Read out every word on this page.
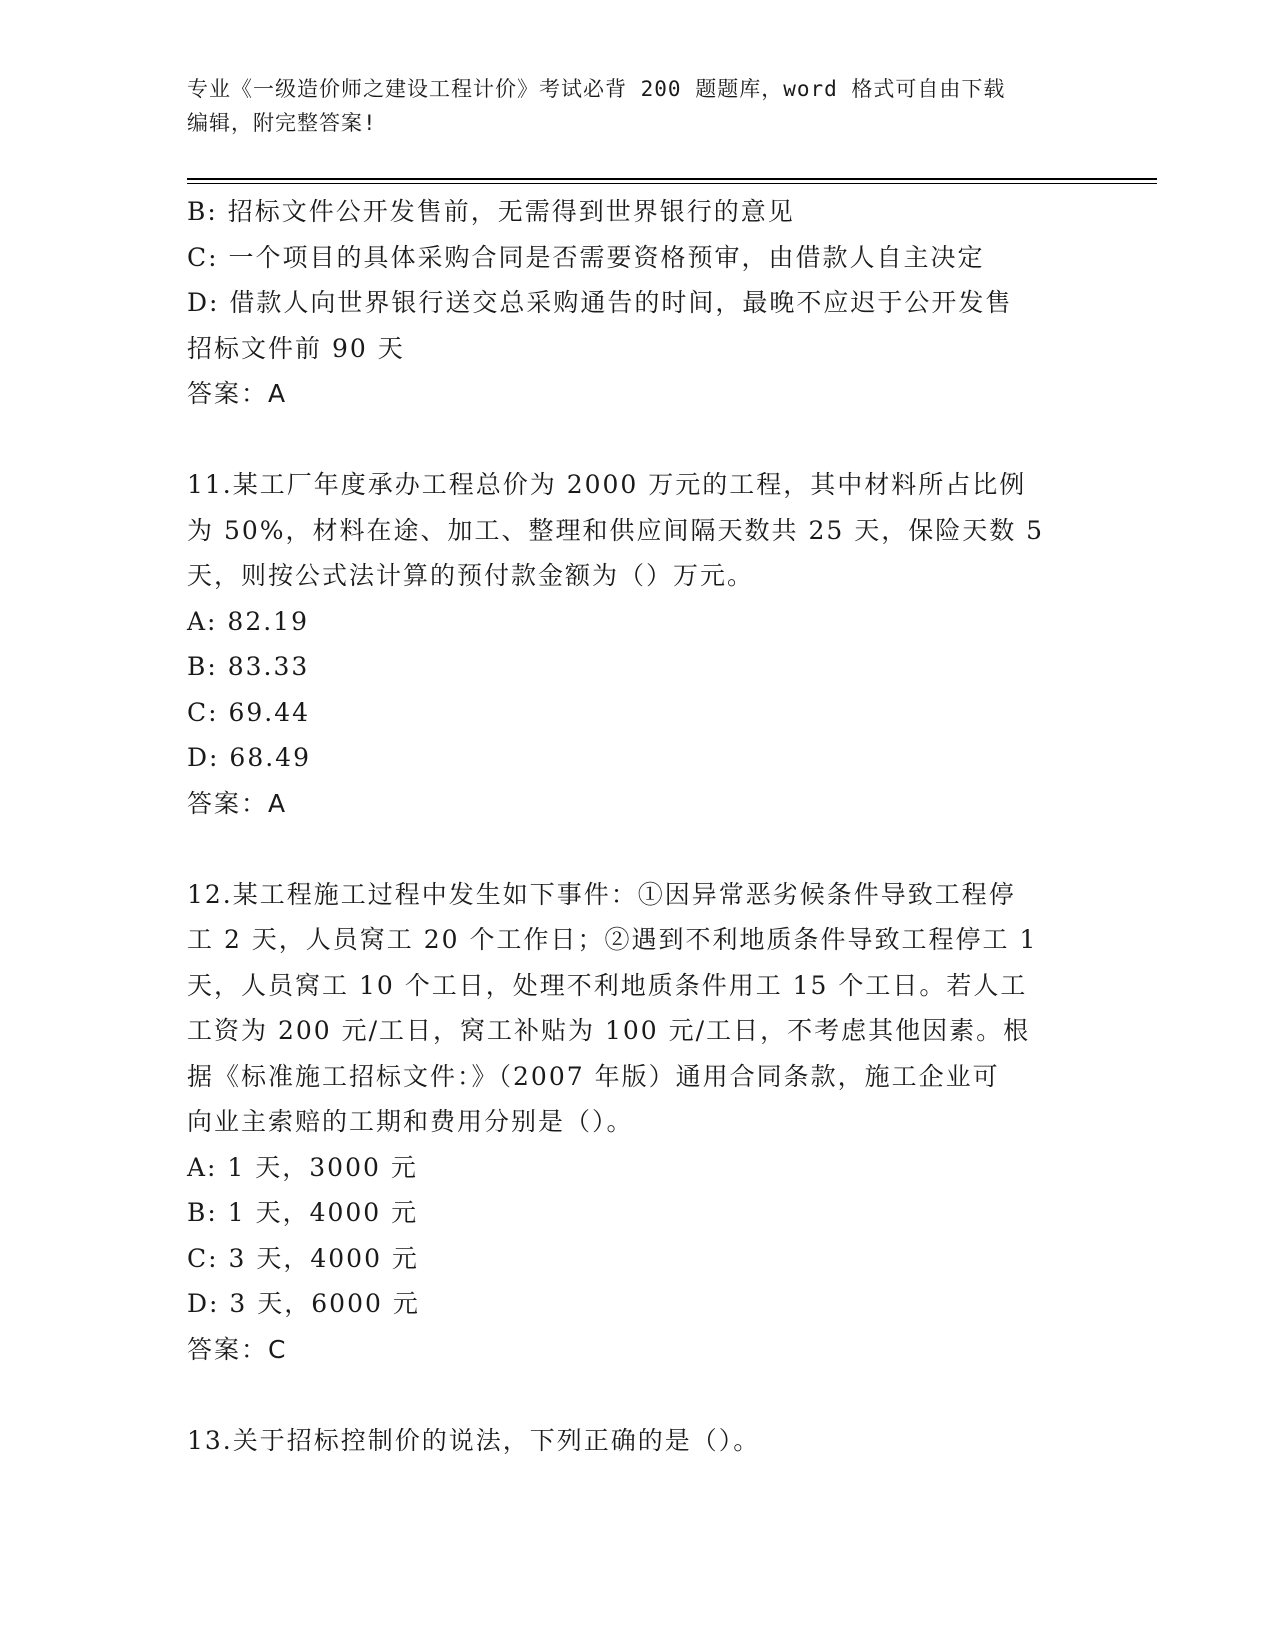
专业《一级造价师之建设工程计价》考试必背 200 题题库，word 格式可自由下载
编辑，附完整答案!

B: 招标文件公开发售前，无需得到世界银行的意见

C: 一个项目的具体采购合同是否需要资格预审，由借款人自主决定

D: 借款人向世界银行送交总采购通告的时间，最晚不应迟于公开发售

招标文件前 90 天

答案：A

11.某工厂年度承办工程总价为 2000 万元的工程，其中材料所占比例

为 50%，材料在途、加工、整理和供应间隔天数共 25 天，保险天数 5

天，则按公式法计算的预付款金额为（）万元。

A: 82.19

B: 83.33

C: 69.44

D: 68.49

答案：A

12.某工程施工过程中发生如下事件：①因异常恶劣候条件导致工程停

工 2 天，人员窝工 20 个工作日；②遇到不利地质条件导致工程停工 1

天，人员窝工 10 个工日，处理不利地质条件用工 15 个工日。若人工

工资为 200 元/工日，窝工补贴为 100 元/工日，不考虑其他因素。根

据《标准施工招标文件：》（2007 年版）通用合同条款，施工企业可

向业主索赔的工期和费用分别是（）。

A: 1 天，3000 元

B: 1 天，4000 元

C: 3 天，4000 元

D: 3 天，6000 元

答案：C

13.关于招标控制价的说法，下列正确的是（）。
